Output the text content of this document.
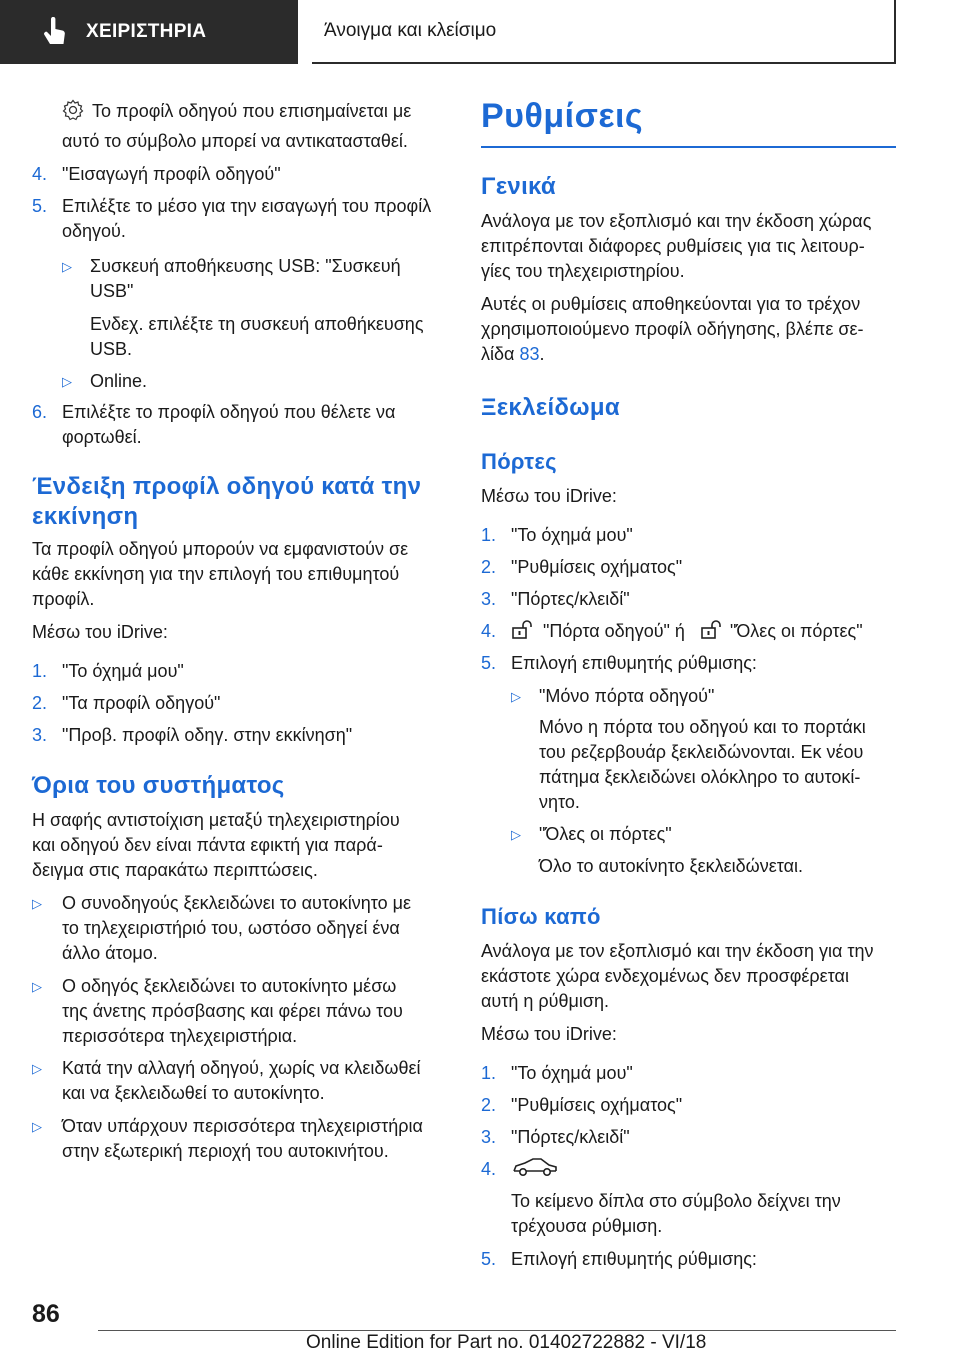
ΧΕΙΡΙΣΤΗΡΙΑ	Άνοιγμα και κλείσιμο
Το προφίλ οδηγού που επισημαίνεται με
αυτό το σύμβολο μπορεί να αντικατασταθεί.
4. "Εισαγωγή προφίλ οδηγού"
5. Επιλέξτε το μέσο για την εισαγωγή του προφίλ
οδηγού.
▷ Συσκευή αποθήκευσης USB: "Συσκευή
USB"
Ενδεχ. επιλέξτε τη συσκευή αποθήκευσης
USB.
▷ Online.
6. Επιλέξτε το προφίλ οδηγού που θέλετε να
φορτωθεί.
Ένδειξη προφίλ οδηγού κατά την
εκκίνηση
Τα προφίλ οδηγού μπορούν να εμφανιστούν σε
κάθε εκκίνηση για την επιλογή του επιθυμητού
προφίλ.
Μέσω του iDrive:
1. "Το όχημά μου"
2. "Τα προφίλ οδηγού"
3. "Προβ. προφίλ οδηγ. στην εκκίνηση"
Όρια του συστήματος
Η σαφής αντιστοίχιση μεταξύ τηλεχειριστηρίου
και οδηγού δεν είναι πάντα εφικτή για παρά-
δειγμα στις παρακάτω περιπτώσεις.
▷ Ο συνοδηγούς ξεκλειδώνει το αυτοκίνητο με
το τηλεχειριστήριό του, ωστόσο οδηγεί ένα
άλλο άτομο.
▷ Ο οδηγός ξεκλειδώνει το αυτοκίνητο μέσω
της άνετης πρόσβασης και φέρει πάνω του
περισσότερα τηλεχειριστήρια.
▷ Κατά την αλλαγή οδηγού, χωρίς να κλειδωθεί
και να ξεκλειδωθεί το αυτοκίνητο.
▷ Όταν υπάρχουν περισσότερα τηλεχειριστήρια
στην εξωτερική περιοχή του αυτοκινήτου.
Ρυθμίσεις
Γενικά
Ανάλογα με τον εξοπλισμό και την έκδοση χώρας
επιτρέπονται διάφορες ρυθμίσεις για τις λειτουρ-
γίες του τηλεχειριστηρίου.
Αυτές οι ρυθμίσεις αποθηκεύονται για το τρέχον
χρησιμοποιούμενο προφίλ οδήγησης, βλέπε σε-
λίδα 83.
Ξεκλείδωμα
Πόρτες
Μέσω του iDrive:
1. "Το όχημά μου"
2. "Ρυθμίσεις οχήματος"
3. "Πόρτες/κλειδί"
4.	"Πόρτα οδηγού" ή	"Όλες οι πόρτες"
5. Επιλογή επιθυμητής ρύθμισης:
▷ "Μόνο πόρτα οδηγού"
Μόνο η πόρτα του οδηγού και το πορτάκι
του ρεζερβουάρ ξεκλειδώνονται. Εκ νέου
πάτημα ξεκλειδώνει ολόκληρο το αυτοκί-
νητο.
▷ "Όλες οι πόρτες"
Όλο το αυτοκίνητο ξεκλειδώνεται.
Πίσω καπό
Ανάλογα με τον εξοπλισμό και την έκδοση για την
εκάστοτε χώρα ενδεχομένως δεν προσφέρεται
αυτή η ρύθμιση.
Μέσω του iDrive:
1. "Το όχημά μου"
2. "Ρυθμίσεις οχήματος"
3. "Πόρτες/κλειδί"
4.
Το κείμενο δίπλα στο σύμβολο δείχνει την
τρέχουσα ρύθμιση.
5. Επιλογή επιθυμητής ρύθμισης:
86
Online Edition for Part no. 01402722882 - VI/18
